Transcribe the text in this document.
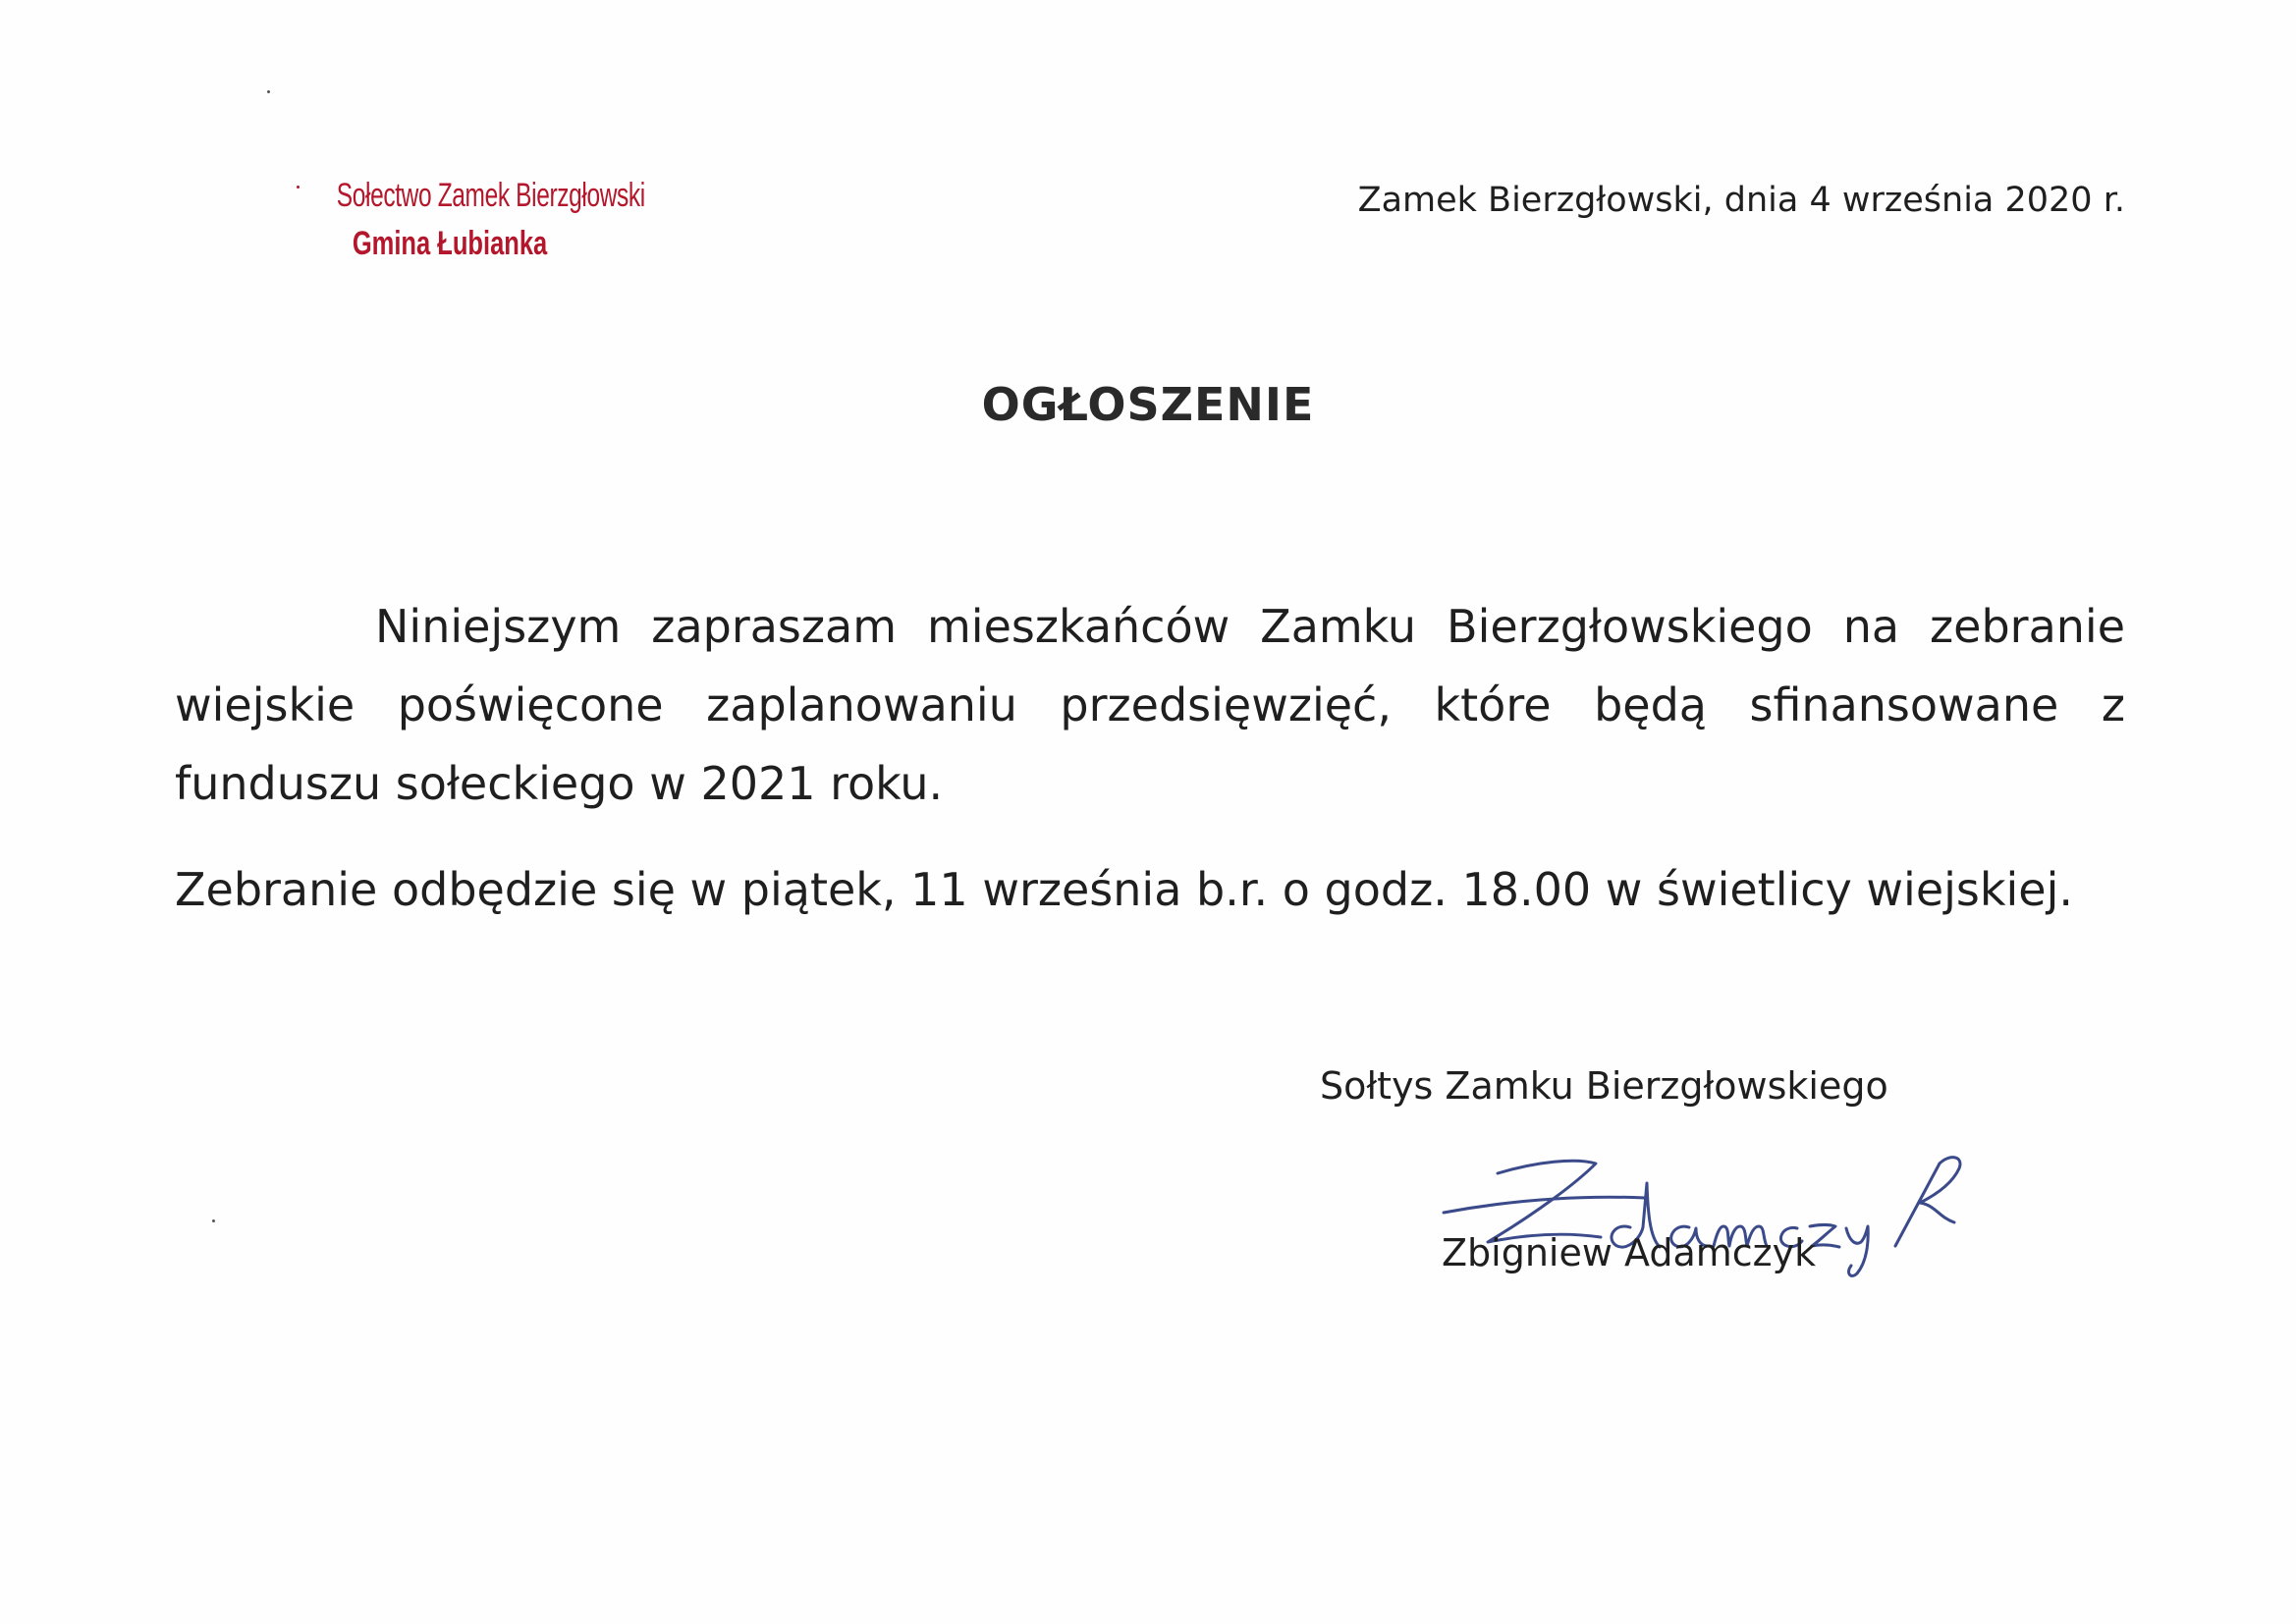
Sołectwo Zamek Bierzgłowski
Gmina Łubianka
Zamek Bierzgłowski, dnia 4 września 2020 r.
OGŁOSZENIE

Niniejszym zapraszam mieszkańców Zamku Bierzgłowskiego na zebranie wiejskie poświęcone zaplanowaniu przedsięwzięć, które będą sfinansowane z funduszu sołeckiego w 2021 roku.

Zebranie odbędzie się w piątek, 11 września b.r. o godz. 18.00 w świetlicy wiejskiej.

Sołtys Zamku Bierzgłowskiego
Zbigniew Adamczyk
